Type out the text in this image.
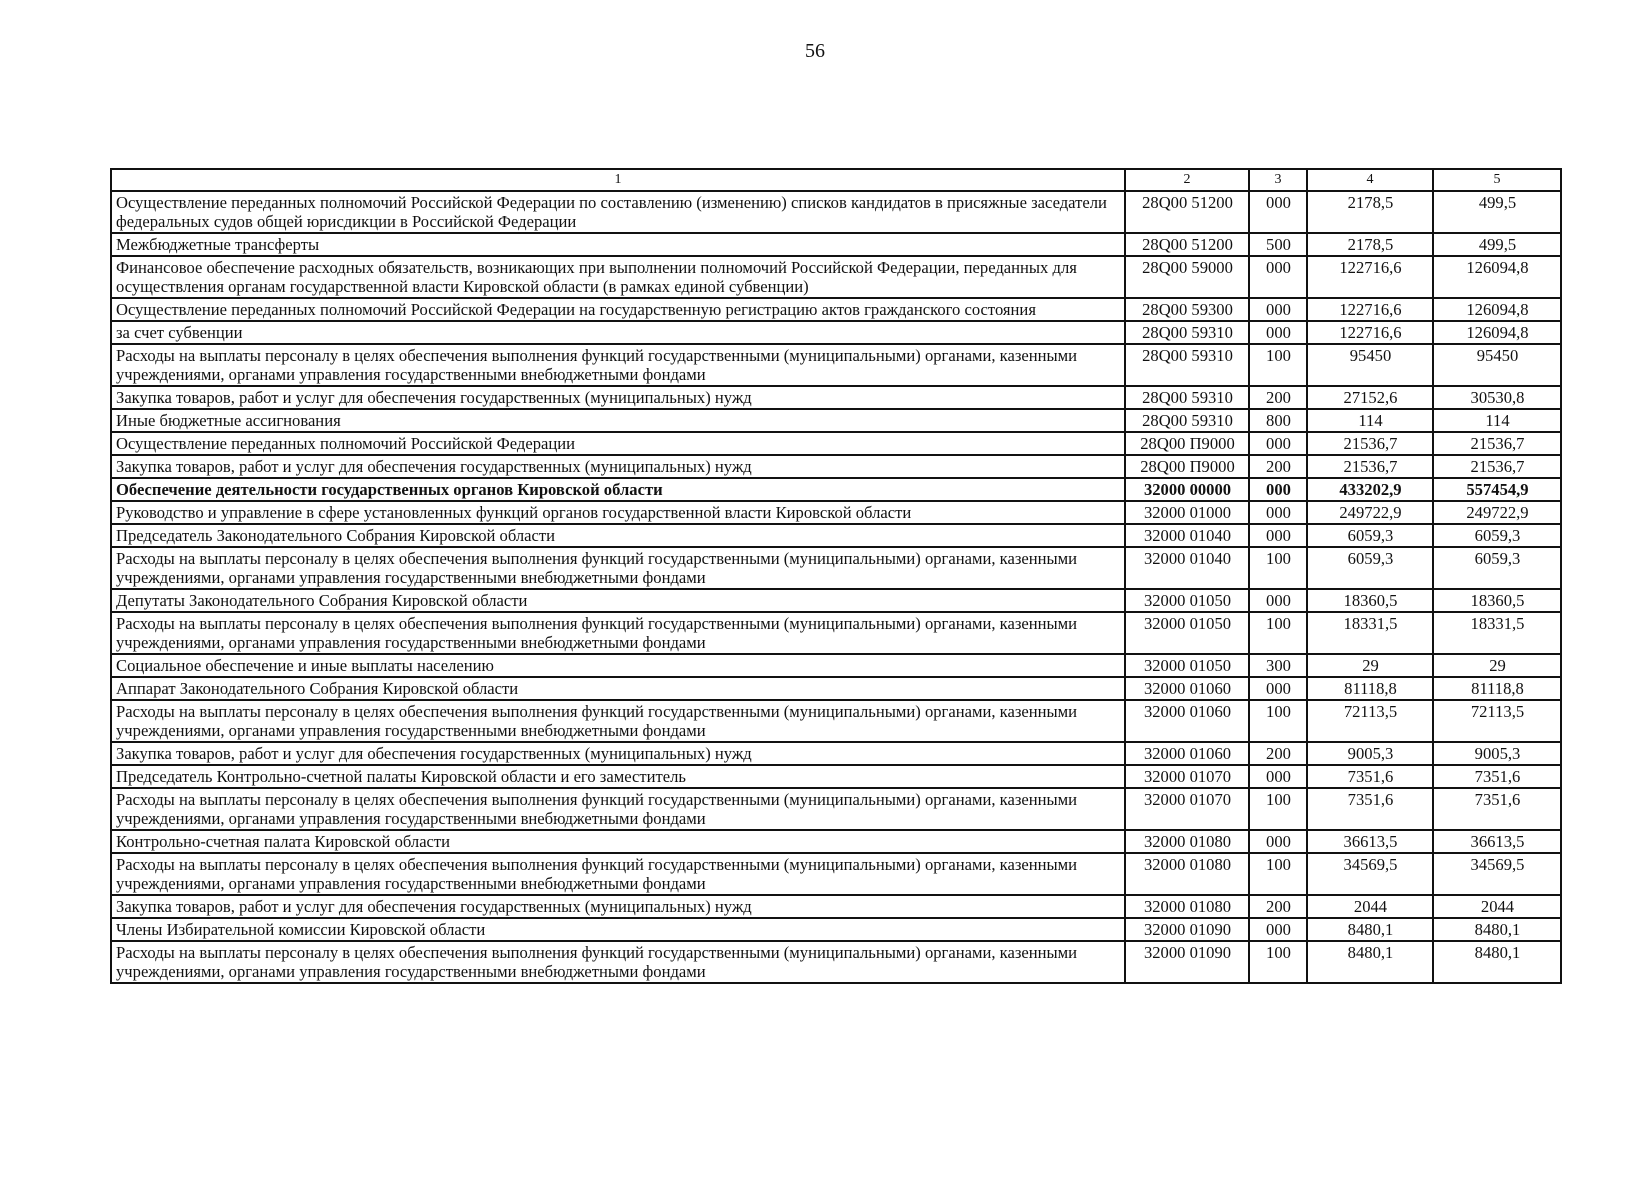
56
1	2	3	4	5
Осуществление переданных полномочий Российской Федерации по составлению (изменению) списков кандидатов в присяжные заседатели федеральных судов общей юрисдикции в Российской Федерации	28Q00 51200	000	2178,5	499,5
Межбюджетные трансферты	28Q00 51200	500	2178,5	499,5
Финансовое обеспечение расходных обязательств, возникающих при выполнении полномочий Российской Федерации, переданных для осуществления органам государственной власти Кировской области (в рамках единой субвенции)	28Q00 59000	000	122716,6	126094,8
Осуществление переданных полномочий Российской Федерации на государственную регистрацию актов гражданского состояния	28Q00 59300	000	122716,6	126094,8
за счет субвенции	28Q00 59310	000	122716,6	126094,8
Расходы на выплаты персоналу в целях обеспечения выполнения функций государственными (муниципальными) органами, казенными учреждениями, органами управления государственными внебюджетными фондами	28Q00 59310	100	95450	95450
Закупка товаров, работ и услуг для обеспечения государственных (муниципальных) нужд	28Q00 59310	200	27152,6	30530,8
Иные бюджетные ассигнования	28Q00 59310	800	114	114
Осуществление переданных полномочий Российской Федерации	28Q00 П9000	000	21536,7	21536,7
Закупка товаров, работ и услуг для обеспечения государственных (муниципальных) нужд	28Q00 П9000	200	21536,7	21536,7
Обеспечение деятельности государственных органов Кировской области	32000 00000	000	433202,9	557454,9
Руководство и управление в сфере установленных функций органов государственной власти Кировской области	32000 01000	000	249722,9	249722,9
Председатель Законодательного Собрания Кировской области	32000 01040	000	6059,3	6059,3
Расходы на выплаты персоналу в целях обеспечения выполнения функций государственными (муниципальными) органами, казенными учреждениями, органами управления государственными внебюджетными фондами	32000 01040	100	6059,3	6059,3
Депутаты Законодательного Собрания Кировской области	32000 01050	000	18360,5	18360,5
Расходы на выплаты персоналу в целях обеспечения выполнения функций государственными (муниципальными) органами, казенными учреждениями, органами управления государственными внебюджетными фондами	32000 01050	100	18331,5	18331,5
Социальное обеспечение и иные выплаты населению	32000 01050	300	29	29
Аппарат Законодательного Собрания Кировской области	32000 01060	000	81118,8	81118,8
Расходы на выплаты персоналу в целях обеспечения выполнения функций государственными (муниципальными) органами, казенными учреждениями, органами управления государственными внебюджетными фондами	32000 01060	100	72113,5	72113,5
Закупка товаров, работ и услуг для обеспечения государственных (муниципальных) нужд	32000 01060	200	9005,3	9005,3
Председатель Контрольно-счетной палаты Кировской области и его заместитель	32000 01070	000	7351,6	7351,6
Расходы на выплаты персоналу в целях обеспечения выполнения функций государственными (муниципальными) органами, казенными учреждениями, органами управления государственными внебюджетными фондами	32000 01070	100	7351,6	7351,6
Контрольно-счетная палата Кировской области	32000 01080	000	36613,5	36613,5
Расходы на выплаты персоналу в целях обеспечения выполнения функций государственными (муниципальными) органами, казенными учреждениями, органами управления государственными внебюджетными фондами	32000 01080	100	34569,5	34569,5
Закупка товаров, работ и услуг для обеспечения государственных (муниципальных) нужд	32000 01080	200	2044	2044
Члены Избирательной комиссии Кировской области	32000 01090	000	8480,1	8480,1
Расходы на выплаты персоналу в целях обеспечения выполнения функций государственными (муниципальными) органами, казенными учреждениями, органами управления государственными внебюджетными фондами	32000 01090	100	8480,1	8480,1
